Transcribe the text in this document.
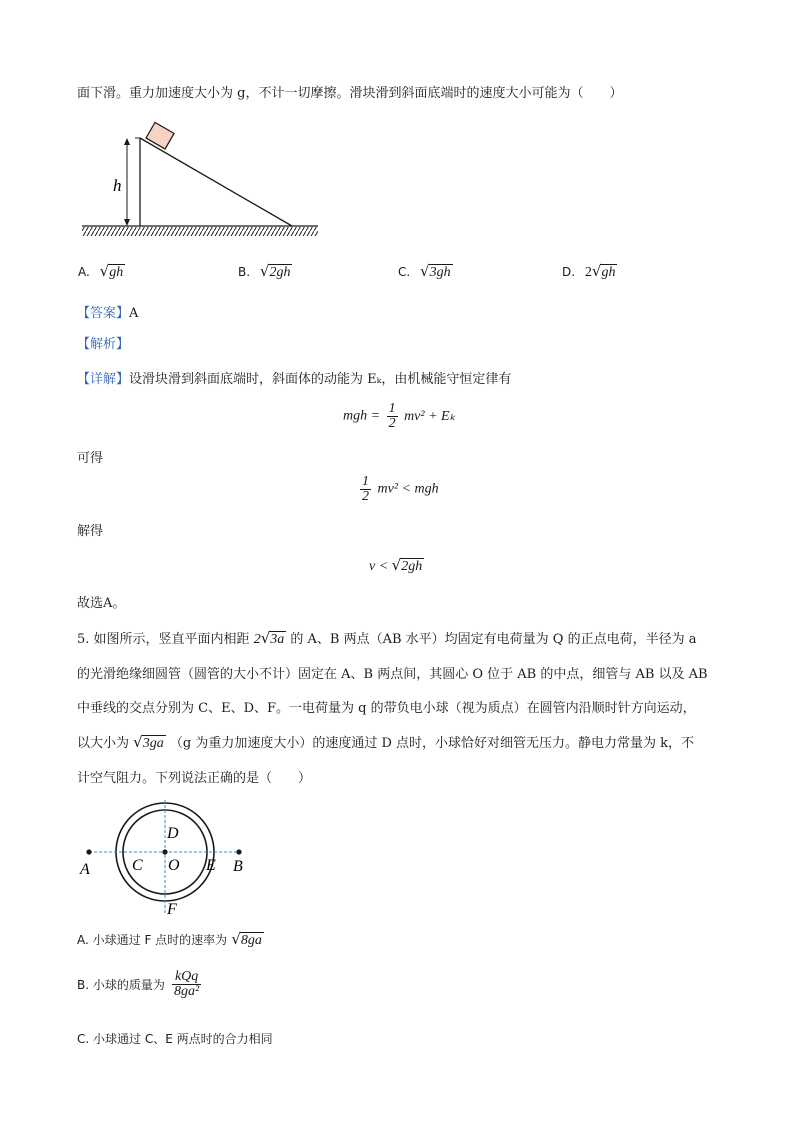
面下滑。重力加速度大小为 g，不计一切摩擦。滑块滑到斜面底端时的速度大小可能为（　　）
h
A. √gh	B. √2gh	C. √3gh	D. 2√gh
【答案】A
【解析】
【详解】设滑块滑到斜面底端时，斜面体的动能为 Eₖ，由机械能守恒定律有
mgh = $\frac{1}{2} mv^2 + E_k$
可得
$\frac{1}{2} mv^2$ < mgh
解得
v < √2gh
故选A。
5. 如图所示，竖直平面内相距 2√3a 的 A、B 两点（AB 水平）均固定有电荷量为 Q 的正点电荷，半径为 a
的光滑绝缘细圆管（圆管的大小不计）固定在 A、B 两点间，其圆心 O 位于 AB 的中点，细管与 AB 以及 AB
中垂线的交点分别为 C、E、D、F。一电荷量为 q 的带负电小球（视为质点）在圆管内沿顺时针方向运动，
以大小为 √3ga （g 为重力加速度大小）的速度通过 D 点时，小球恰好对细管无压力。静电力常量为 k，不
计空气阻力。下列说法正确的是（　　）
A	B
C
D
E
F
O
A. 小球通过 F 点时的速率为 √8ga
B. 小球的质量为 $\frac{\text{kQq}}{\text{8ga²}}$
C. 小球通过 C、E 两点时的合力相同
